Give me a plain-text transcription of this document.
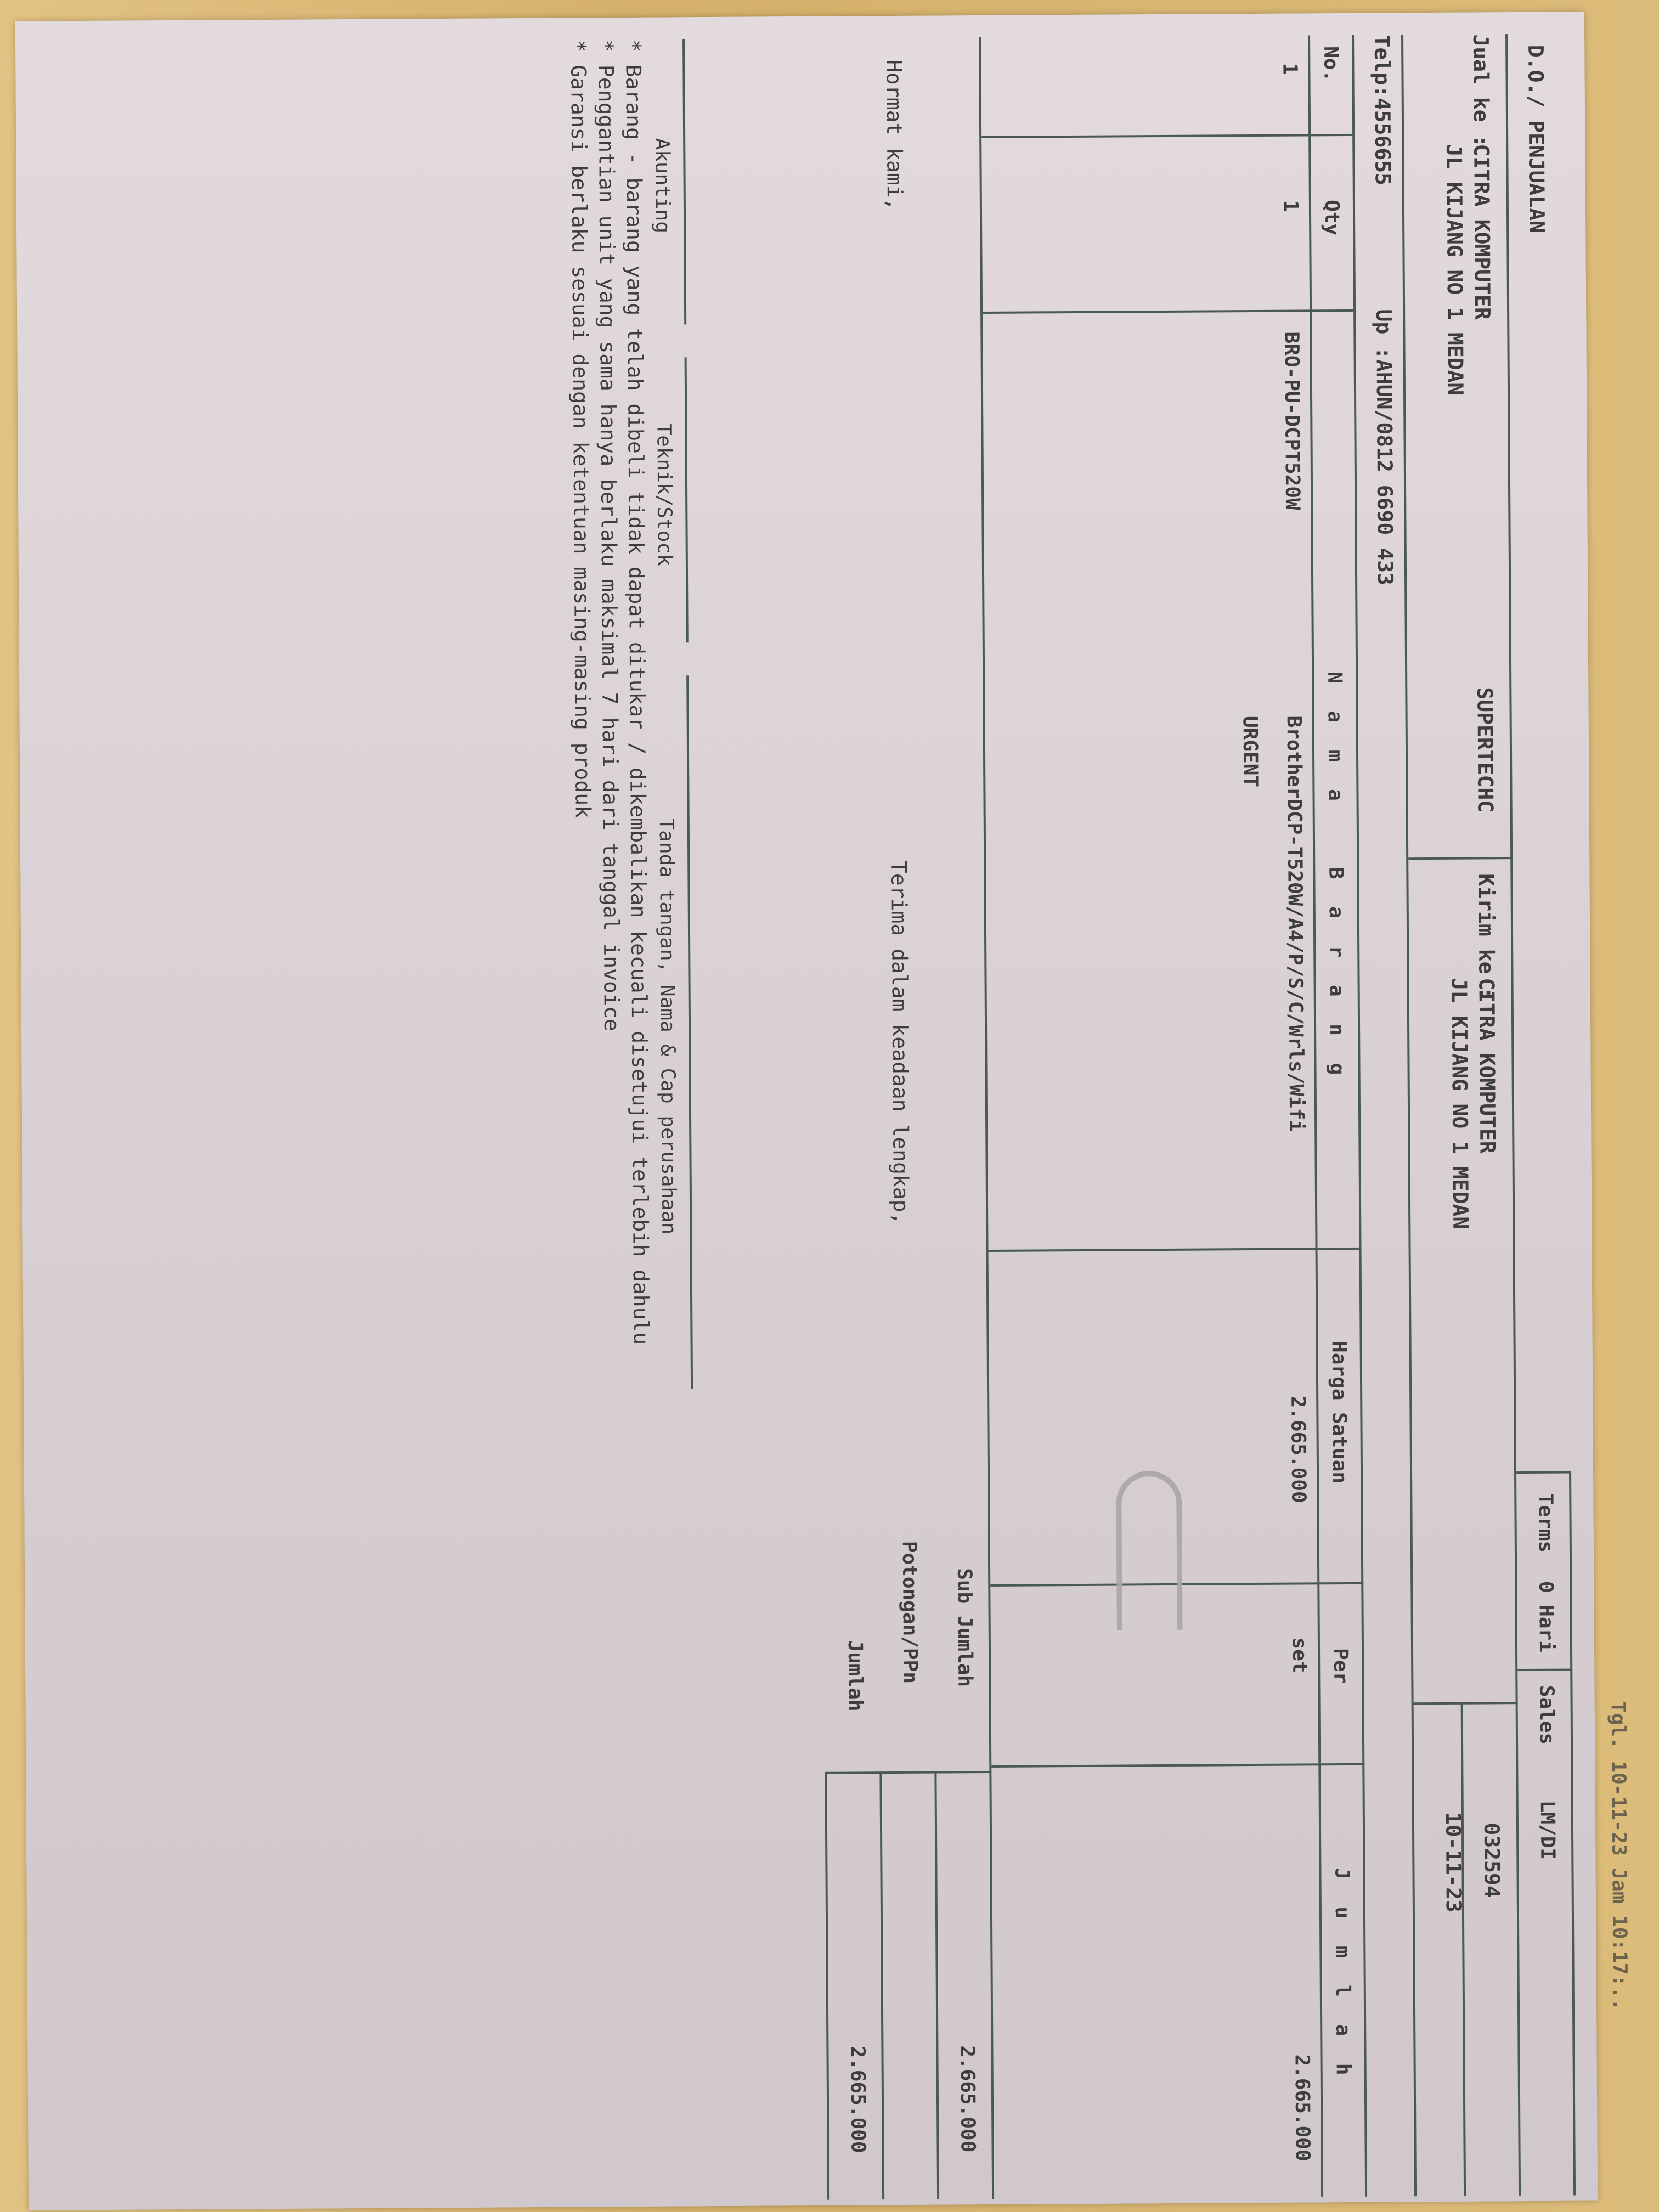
Tgl. 10-11-23 Jam 10:17:..
D.O./ PENJUALAN
Terms
0 Hari
Sales
LM/DI
Jual ke :
CITRA KOMPUTER
JL KIJANG NO 1 MEDAN
SUPERTECHC
Kirim ke :
CITRA KOMPUTER
JL KIJANG NO 1 MEDAN
032594
10-11-23
Telp:4556655
Up :AHUN/0812 6690 433
No.
Qty
N a m a   B a r a n g
Harga Satuan
Per
J u m l a h
1
1
BRO-PU-DCPT520W
BrotherDCP-T520W/A4/P/S/C/Wrls/Wifi
URGENT
2.665.000
set
2.665.000
Sub Jumlah
2.665.000
Potongan/PPn
Jumlah
2.665.000
Hormat kami,
Terima dalam keadaan lengkap,
Akunting
Teknik/Stock
Tanda tangan, Nama & Cap perusahaan
* Barang - barang yang telah dibeli tidak dapat ditukar / dikembalikan kecuali disetujui terlebih dahulu
* Penggantian unit yang sama hanya berlaku maksimal 7 hari dari tanggal invoice
* Garansi berlaku sesuai dengan ketentuan masing-masing produk
